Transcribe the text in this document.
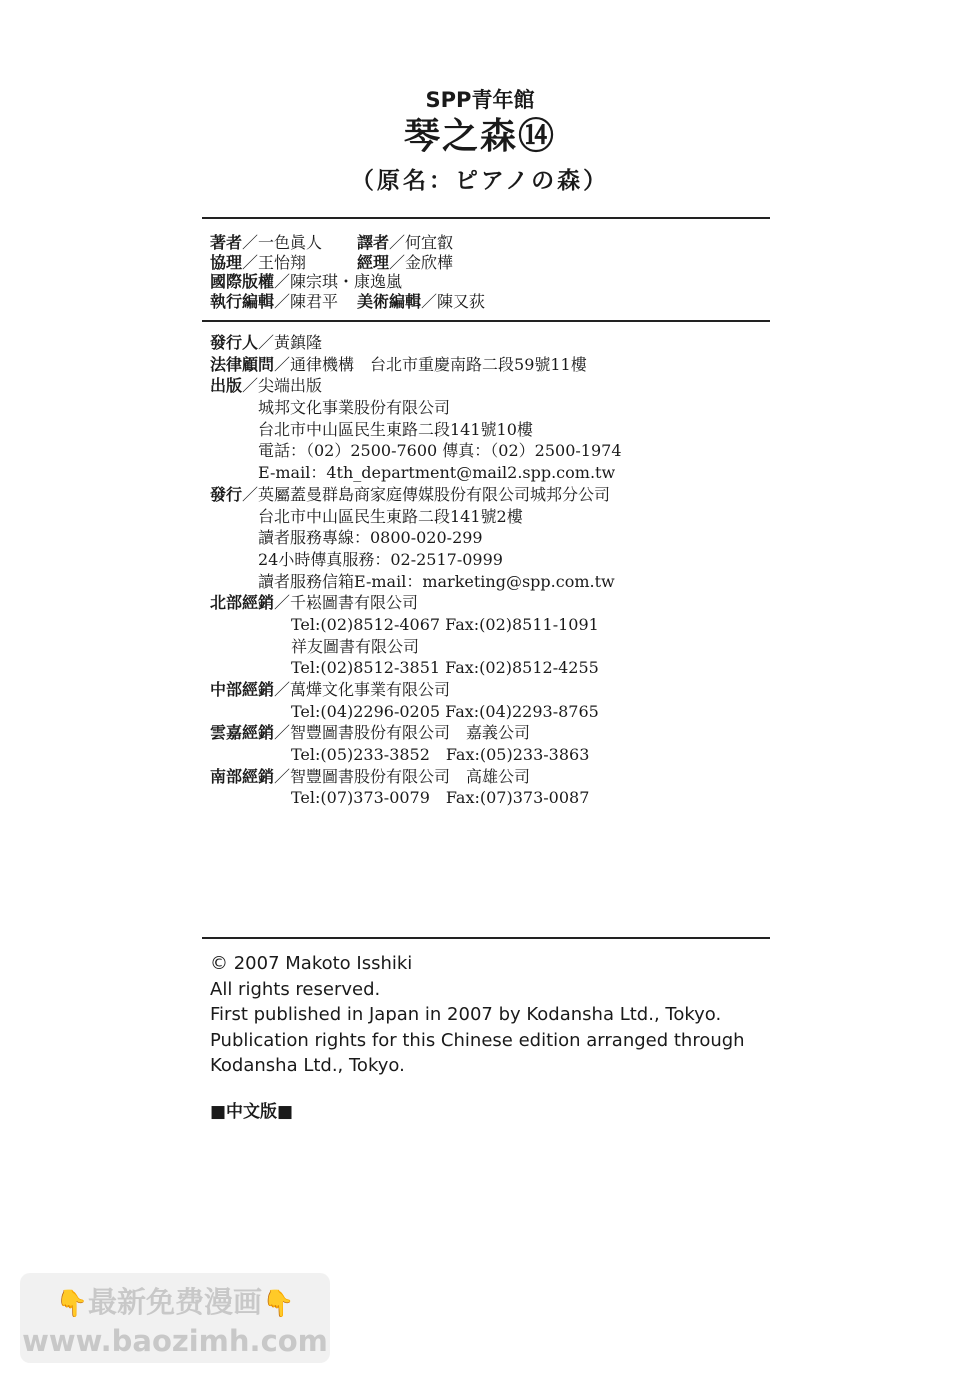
SPP青年館
琴之森⑭
（原名：ピアノの森）
著者／一色眞人 譯者／何宜叡
協理／王怡翔	經理／金欣樺
國際版權／陳宗琪・康逸嵐
執行編輯／陳君平 美術編輯／陳又荻
發行人／黃鎮隆
法律顧問／通律機構　台北市重慶南路二段59號11樓
出版／尖端出版
城邦文化事業股份有限公司
台北市中山區民生東路二段141號10樓
電話：（02）2500-7600 傳真：（02）2500-1974
E-mail：4th_department@mail2.spp.com.tw
發行／英屬蓋曼群島商家庭傳媒股份有限公司城邦分公司
台北市中山區民生東路二段141號2樓
讀者服務專線：0800-020-299
24小時傳真服務：02-2517-0999
讀者服務信箱E-mail：marketing@spp.com.tw
北部經銷／千崧圖書有限公司
Tel:(02)8512-4067 Fax:(02)8511-1091
祥友圖書有限公司
Tel:(02)8512-3851 Fax:(02)8512-4255
中部經銷／萬燁文化事業有限公司
Tel:(04)2296-0205 Fax:(04)2293-8765
雲嘉經銷／智豐圖書股份有限公司　嘉義公司
Tel:(05)233-3852　Fax:(05)233-3863
南部經銷／智豐圖書股份有限公司　高雄公司
Tel:(07)373-0079　Fax:(07)373-0087
© 2007 Makoto Isshiki
All rights reserved.
First published in Japan in 2007 by Kodansha Ltd., Tokyo.
Publication rights for this Chinese edition arranged through
Kodansha Ltd., Tokyo.
■中文版■
👇最新免费漫画👇
www.baozimh.com
